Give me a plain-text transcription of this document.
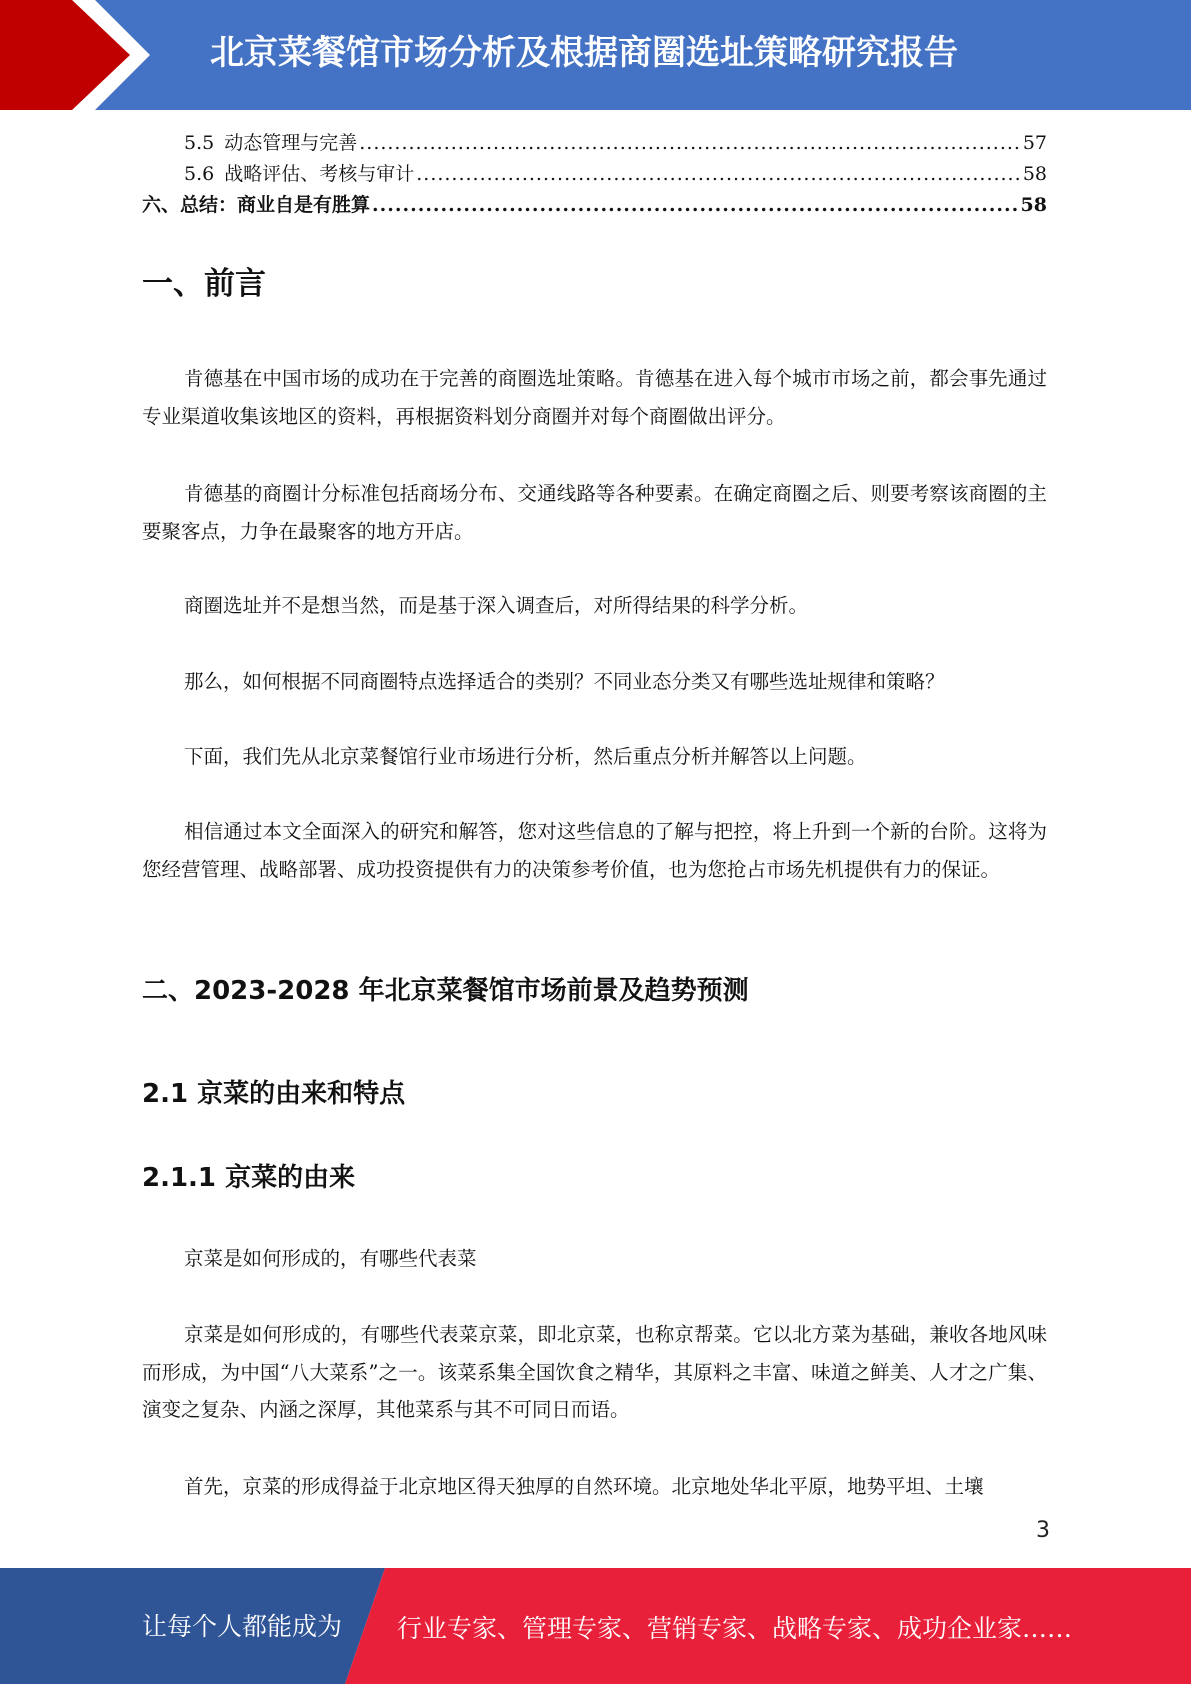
北京菜餐馆市场分析及根据商圈选址策略研究报告
5.5 动态管理与完善 .....	57
5.6 战略评估、考核与审计 .....	58
六、总结：商业自是有胜算 .....	58
一、前言

肯德基在中国市场的成功在于完善的商圈选址策略。肯德基在进入每个城市市场之前，都会事先通过专业渠道收集该地区的资料，再根据资料划分商圈并对每个商圈做出评分。

肯德基的商圈计分标准包括商场分布、交通线路等各种要素。在确定商圈之后、则要考察该商圈的主要聚客点，力争在最聚客的地方开店。

商圈选址并不是想当然，而是基于深入调查后，对所得结果的科学分析。

那么，如何根据不同商圈特点选择适合的类别？不同业态分类又有哪些选址规律和策略？

下面，我们先从北京菜餐馆行业市场进行分析，然后重点分析并解答以上问题。

相信通过本文全面深入的研究和解答，您对这些信息的了解与把控，将上升到一个新的台阶。这将为您经营管理、战略部署、成功投资提供有力的决策参考价值，也为您抢占市场先机提供有力的保证。

二、2023-2028 年北京菜餐馆市场前景及趋势预测
2.1 京菜的由来和特点
2.1.1 京菜的由来

京菜是如何形成的，有哪些代表菜

京菜是如何形成的，有哪些代表菜京菜，即北京菜，也称京帮菜。它以北方菜为基础，兼收各地风味而形成，为中国“八大菜系”之一。该菜系集全国饮食之精华，其原料之丰富、味道之鲜美、人才之广集、演变之复杂、内涵之深厚，其他菜系与其不可同日而语。

首先，京菜的形成得益于北京地区得天独厚的自然环境。北京地处华北平原，地势平坦、土壤

3
让每个人都能成为 行业专家、管理专家、营销专家、战略专家、成功企业家……
